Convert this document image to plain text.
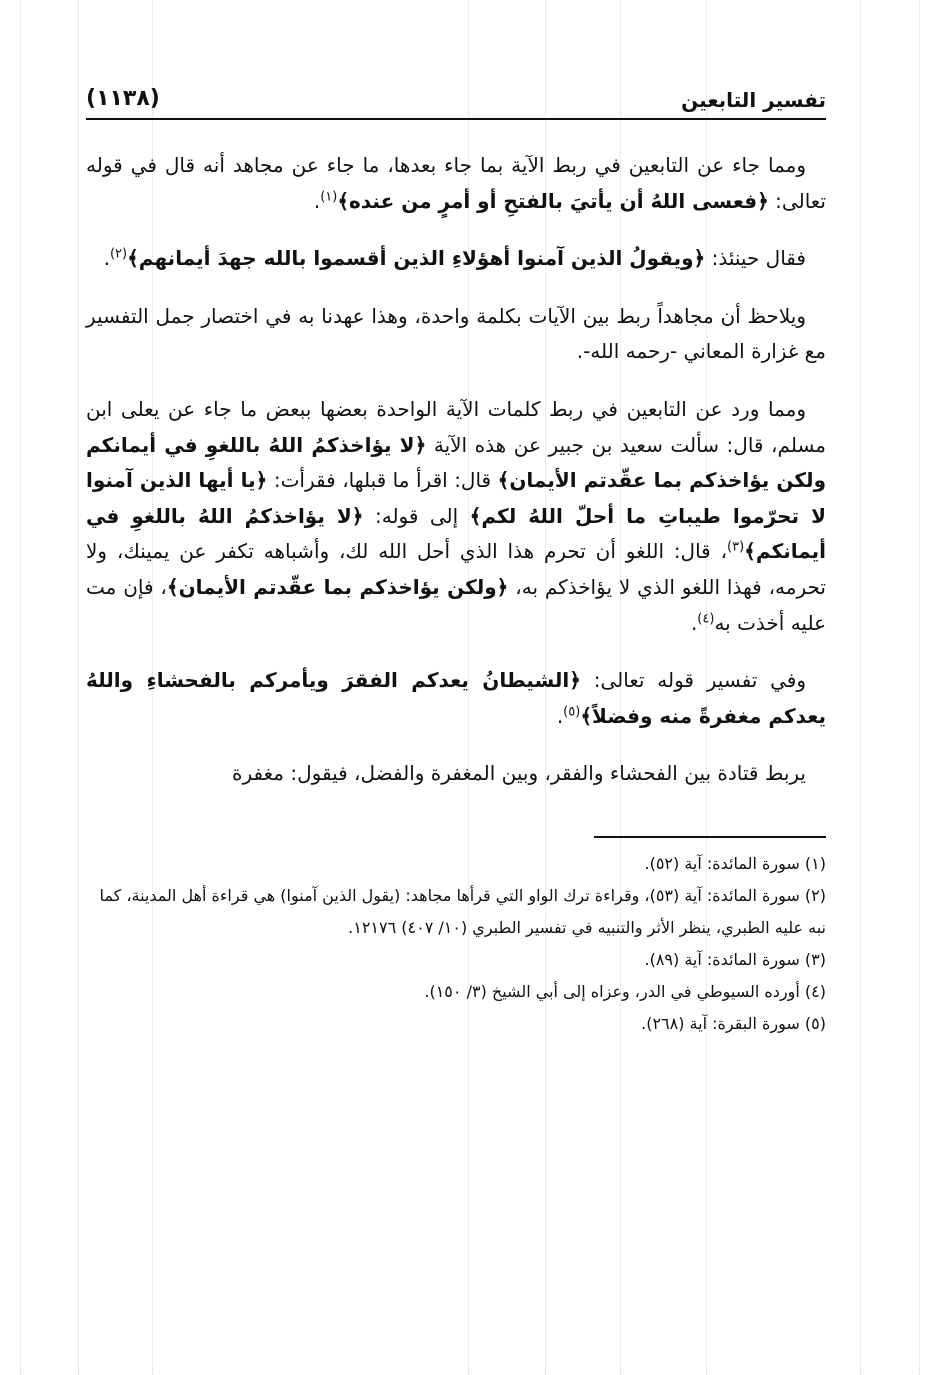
تفسير التابعين
(١١٣٨)

ومما جاء عن التابعين في ربط الآية بما جاء بعدها، ما جاء عن مجاهد أنه قال في قوله تعالى: ﴿فعسى اللهُ أن يأتيَ بالفتحِ أو أمرٍ من عنده﴾$^{(١)}$.

فقال حينئذ: ﴿ويقولُ الذين آمنوا أهؤلاءِ الذين أقسموا بالله جهدَ أيمانهم﴾$^{(٢)}$.

ويلاحظ أن مجاهداً ربط بين الآيات بكلمة واحدة، وهذا عهدنا به في اختصار جمل التفسير مع غزارة المعاني -رحمه الله-.

ومما ورد عن التابعين في ربط كلمات الآية الواحدة بعضها ببعض ما جاء عن يعلى ابن مسلم، قال: سألت سعيد بن جبير عن هذه الآية ﴿لا يؤاخذكمُ اللهُ باللغوِ في أيمانكم ولكن يؤاخذكم بما عقّدتم الأيمان﴾ قال: اقرأ ما قبلها، فقرأت: ﴿يا أيها الذين آمنوا لا تحرّموا طيباتِ ما أحلّ اللهُ لكم﴾ إلى قوله: ﴿لا يؤاخذكمُ اللهُ باللغوِ في أيمانكم﴾$^{(٣)}$، قال: اللغو أن تحرم هذا الذي أحل الله لك، وأشباهه تكفر عن يمينك، ولا تحرمه، فهذا اللغو الذي لا يؤاخذكم به، ﴿ولكن يؤاخذكم بما عقّدتم الأيمان﴾، فإن مت عليه أخذت به$^{(٤)}$.

وفي تفسير قوله تعالى: ﴿الشيطانُ يعدكم الفقرَ ويأمركم بالفحشاءِ واللهُ يعدكم مغفرةً منه وفضلاً﴾$^{(٥)}$.

يربط قتادة بين الفحشاء والفقر، وبين المغفرة والفضل، فيقول: مغفرة

(١) سورة المائدة: آية (٥٢).
(٢) سورة المائدة: آية (٥٣)، وقراءة ترك الواو التي قرأها مجاهد: (يقول الذين آمنوا) هي قراءة أهل المدينة، كما نبه عليه الطبري، ينظر الأثر والتنبيه في تفسير الطبري (١٠/ ٤٠٧) ١٢١٧٦.
(٣) سورة المائدة: آية (٨٩).
(٤) أورده السيوطي في الدر، وعزاه إلى أبي الشيخ (٣/ ١٥٠).
(٥) سورة البقرة: آية (٢٦٨).
